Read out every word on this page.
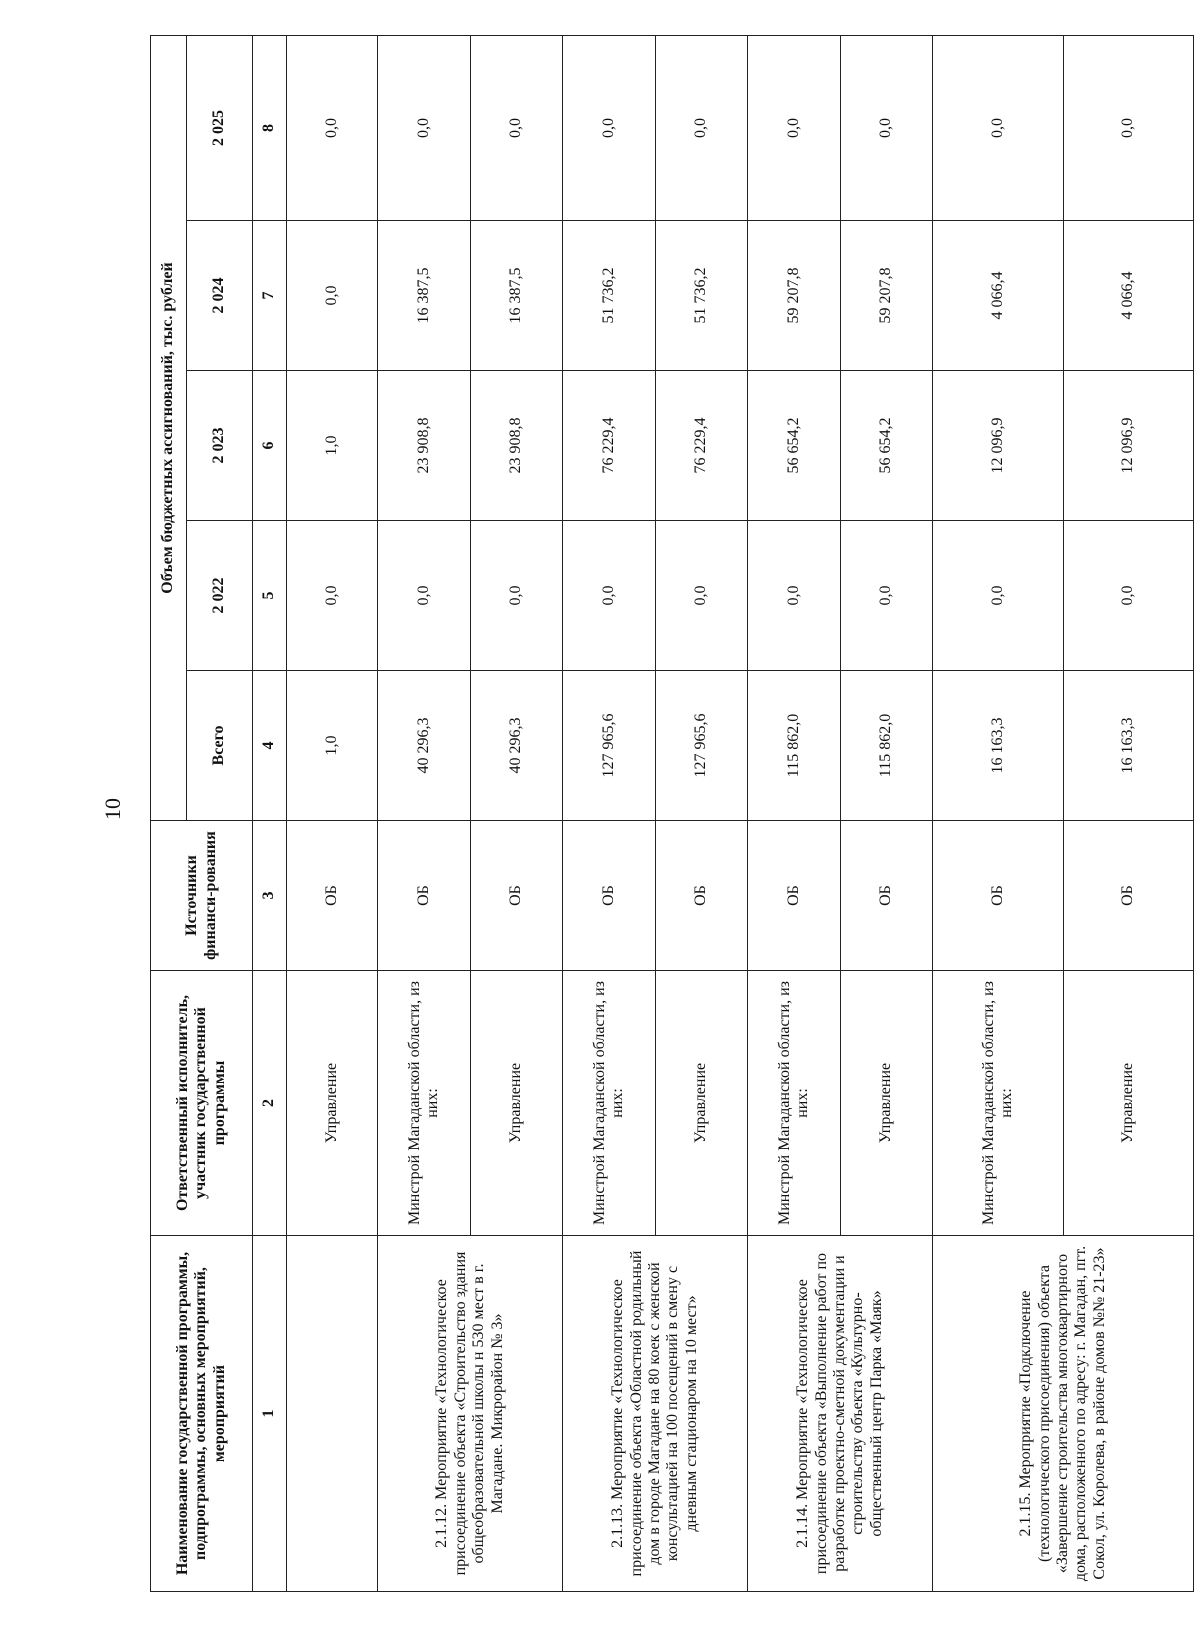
10
Наименование государственной программы, подпрограммы, основных мероприятий, мероприятий	Ответственный исполнитель, участник государственной программы	Источники финанси-рования	Объем бюджетных ассигнований, тыс. рублей				
			Всего	2 022	2 023	2 024	2 025
1	2	3	4	5	6	7	8
	Управление	ОБ	1,0	0,0	1,0	0,0	0,0
2.1.12. Мероприятие «Технологическое присоединение объекта «Строительство здания общеобразовательной школы н 530 мест в г. Магадане. Микрорайон № 3»	Минстрой Магаданской области, из них:	ОБ	40 296,3	0,0	23 908,8	16 387,5	0,0
	Управление	ОБ	40 296,3	0,0	23 908,8	16 387,5	0,0
2.1.13. Мероприятие «Технологическое присоединение объекта «Областной родильный дом в городе Магадане на 80 коек с женской консультацией на 100 посещений в смену с дневным стационаром на 10 мест»	Минстрой Магаданской области, из них:	ОБ	127 965,6	0,0	76 229,4	51 736,2	0,0
	Управление	ОБ	127 965,6	0,0	76 229,4	51 736,2	0,0
2.1.14. Мероприятие «Технологическое присоединение объекта «Выполнение работ по разработке проектно-сметной документации и строительству объекта «Культурно-общественный центр Парка «Маяк»	Минстрой Магаданской области, из них:	ОБ	115 862,0	0,0	56 654,2	59 207,8	0,0
	Управление	ОБ	115 862,0	0,0	56 654,2	59 207,8	0,0
2.1.15. Мероприятие «Подключение (технологического присоединения) объекта «Завершение строительства многоквартирного дома, расположенного по адресу: г. Магадан, пгт. Сокол, ул. Королева, в районе домов №№ 21-23»	Минстрой Магаданской области, из них:	ОБ	16 163,3	0,0	12 096,9	4 066,4	0,0
	Управление	ОБ	16 163,3	0,0	12 096,9	4 066,4	0,0
